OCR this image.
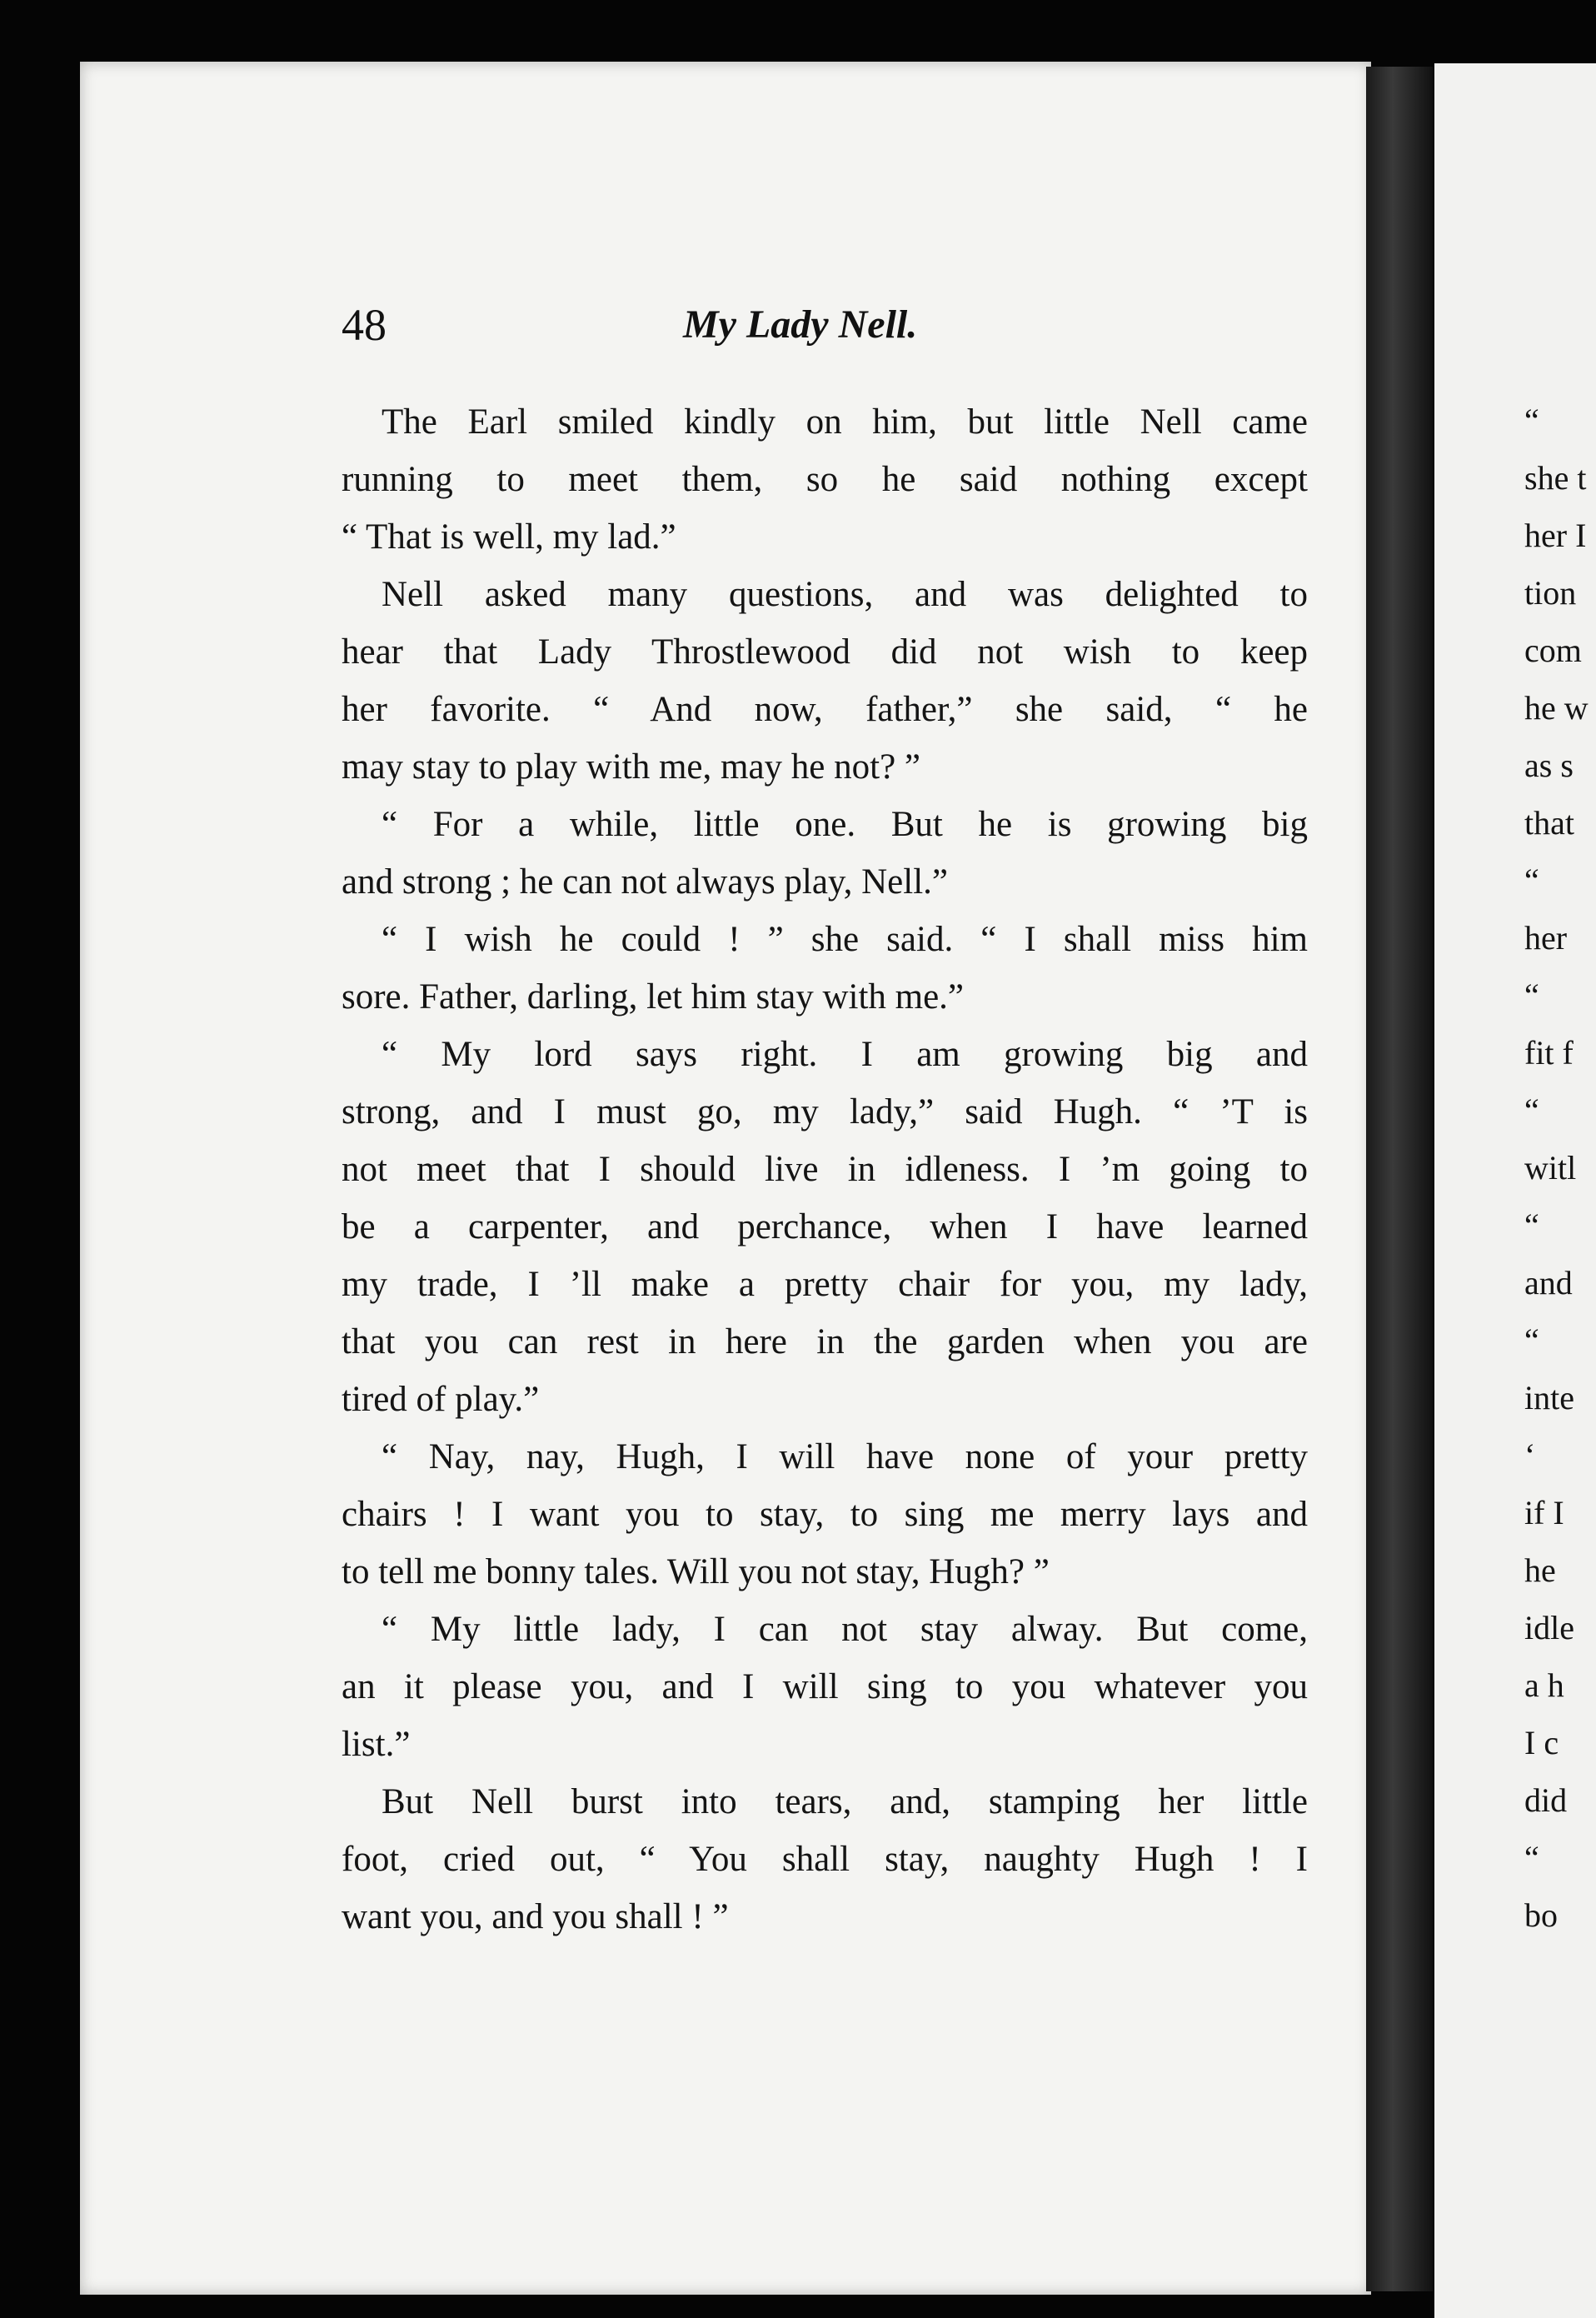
48	My Lady Nell.
The Earl smiled kindly on him, but little Nell came
running to meet them, so he said nothing except
“ That is well, my lad.”
Nell asked many questions, and was delighted to
hear that Lady Throstlewood did not wish to keep
her favorite. “ And now, father,” she said, “ he
may stay to play with me, may he not? ”
“ For a while, little one. But he is growing big
and strong ; he can not always play, Nell.”
“ I wish he could ! ” she said. “ I shall miss him
sore. Father, darling, let him stay with me.”
“ My lord says right. I am growing big and
strong, and I must go, my lady,” said Hugh. “ ’T is
not meet that I should live in idleness. I ’m going to
be a carpenter, and perchance, when I have learned
my trade, I ’ll make a pretty chair for you, my lady,
that you can rest in here in the garden when you are
tired of play.”
“ Nay, nay, Hugh, I will have none of your pretty
chairs ! I want you to stay, to sing me merry lays and
to tell me bonny tales. Will you not stay, Hugh? ”
“ My little lady, I can not stay alway. But come,
an it please you, and I will sing to you whatever you
list.”
But Nell burst into tears, and, stamping her little
foot, cried out, “ You shall stay, naughty Hugh ! I
want you, and you shall ! ”
“
she t
her I
tion
com
he w
as s
that
“
her
“
fit f
“
witl
“
and
“
inte
‘
if I
he
idle
a h
I c
did
“
bo
